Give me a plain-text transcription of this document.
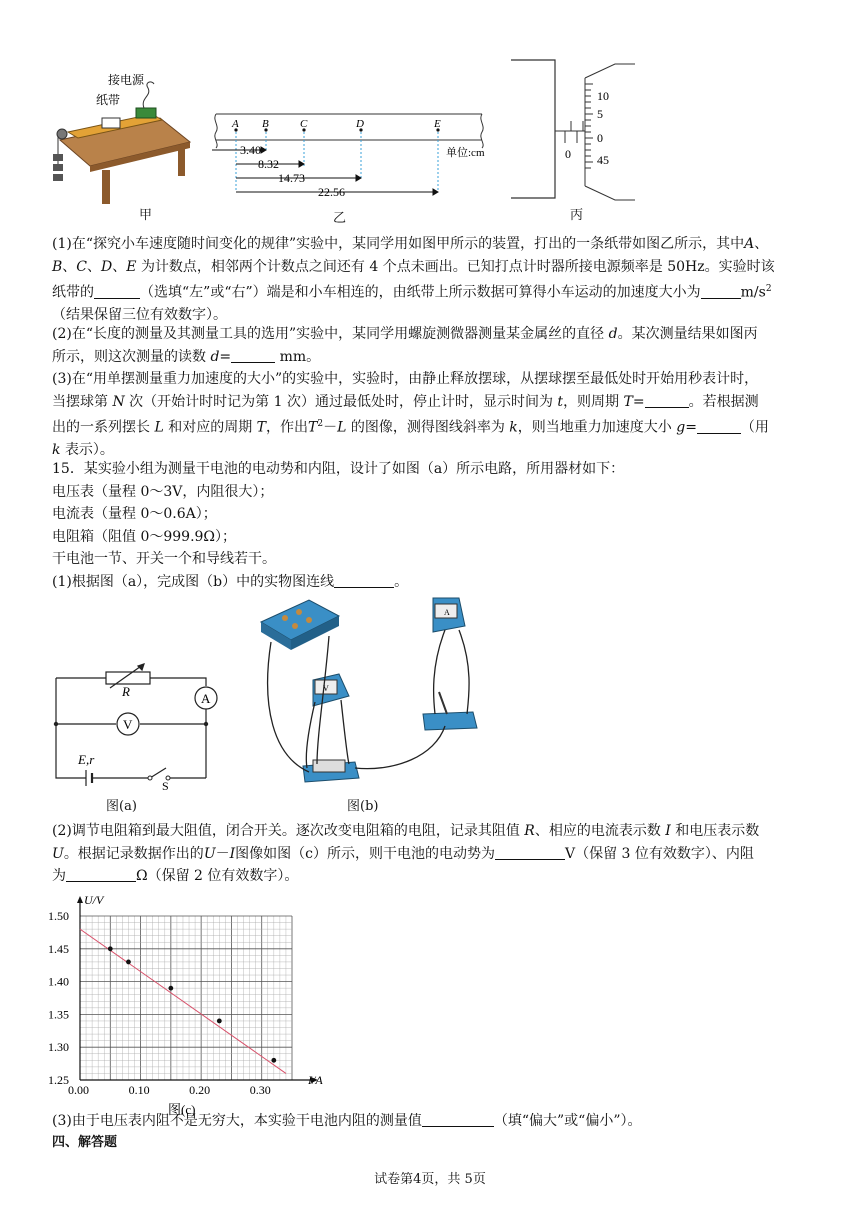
接电源
纸带
甲
A B	C	D	E
3.40
8.32
14.73
22.56
单位:cm
乙
0
10
5
0
45
丙
(1)在“探究小车速度随时间变化的规律”实验中，某同学用如图甲所示的装置，打出的一条纸带如图乙所示，其中A、
B、C、D、E 为计数点，相邻两个计数点之间还有 4 个点未画出。已知打点计时器所接电源频率是 50Hz。实验时该
纸带的	（选填“左”或“右”）端是和小车相连的，由纸带上所示数据可算得小车运动的加速度大小为	$m/s^2$
（结果保留三位有效数字）。
(2)在“长度的测量及其测量工具的选用”实验中，某同学用螺旋测微器测量某金属丝的直径 d。某次测量结果如图丙
所示，则这次测量的读数 d=	mm。
(3)在“用单摆测量重力加速度的大小”的实验中，实验时，由静止释放摆球，从摆球摆至最低处时开始用秒表计时，
当摆球第 N 次（开始计时时记为第 1 次）通过最低处时，停止计时，显示时间为 t，则周期 T=	。若根据测
出的一系列摆长 L 和对应的周期 T，作出$T^2-L$ 的图像，测得图线斜率为 k，则当地重力加速度大小 g=	（用
k 表示）。
15．某实验小组为测量干电池的电动势和内阻，设计了如图（a）所示电路，所用器材如下：
电压表（量程 0～3V，内阻很大）；
电流表（量程 0～0.6A）；
电阻箱（阻值 0～999.9Ω）；
干电池一节、开关一个和导线若干。
(1)根据图（a），完成图（b）中的实物图连线	。
R	A
V
E,r
S
图(a)
V
A
图(b)
(2)调节电阻箱到最大阻值，闭合开关。逐次改变电阻箱的电阻，记录其阻值 R、相应的电流表示数 I 和电压表示数
U。根据记录数据作出的U－I图像如图（c）所示，则干电池的电动势为	V（保留 3 位有效数字）、内阻
为	Ω（保留 2 位有效数字）。
0.00	0.10	0.20	0.30
1.50
1.45
1.40
1.35
1.30
1.25
U/V
I/A
图(c)
(3)由于电压表内阻不是无穷大，本实验干电池内阻的测量值	（填“偏大”或“偏小”）。
四、解答题
试卷第4页，共 5页
